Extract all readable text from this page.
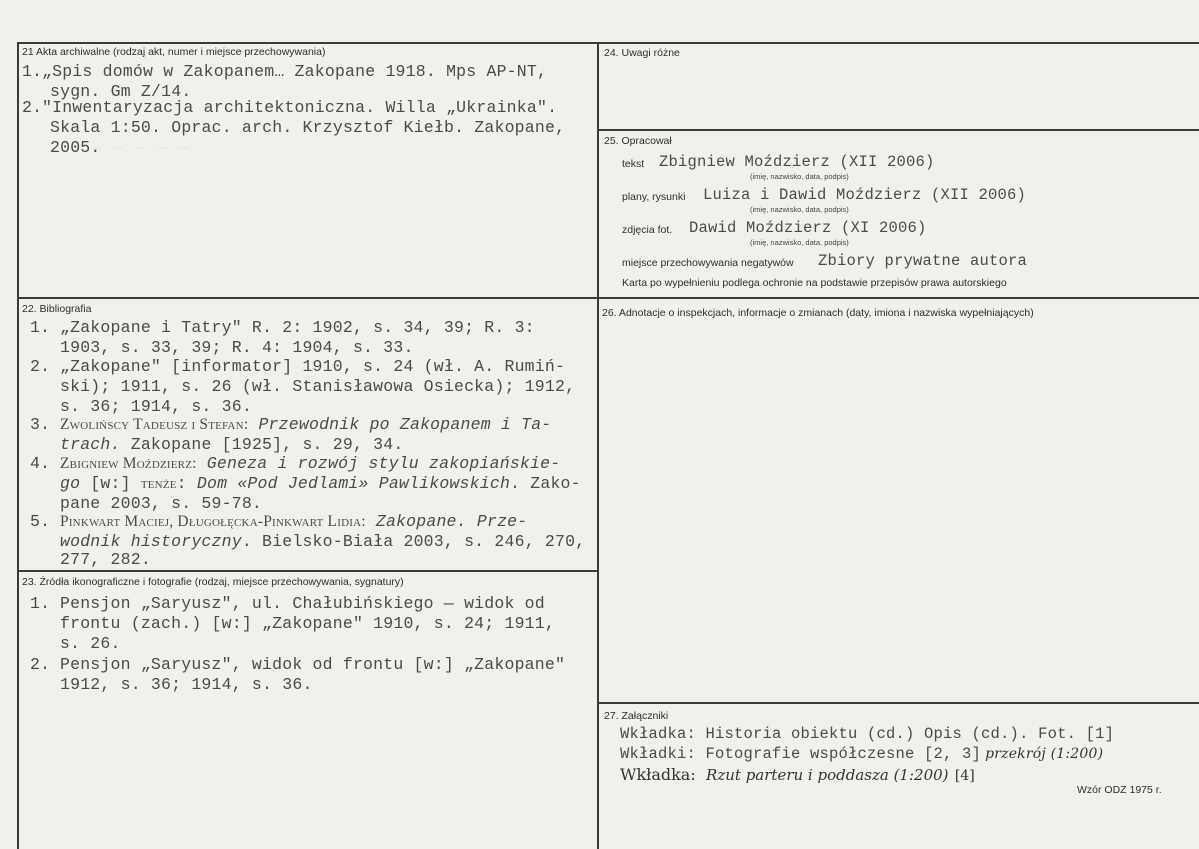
21 Akta archiwalne (rodzaj akt, numer i miejsce przechowywania)
1. „Spis domów w Zakopanem… Zakopane 1918. Mps AP-NT,
sygn. Gm Z/14.
2. "Inwentaryzacja architektoniczna. Willa „Ukrainka".
Skala 1:50. Oprac. arch. Krzysztof Kiełb. Zakopane,
2005.
24. Uwagi różne
25. Opracował
tekst Zbigniew Moździerz (XII 2006)
(imię, nazwisko, data, podpis)
plany, rysunki Luiza i Dawid Moździerz (XII 2006)
(imię, nazwisko, data, podpis)
zdjęcia fot. Dawid Moździerz (XI 2006)
(imię, nazwisko, data, podpis)
miejsce przechowywania negatywów Zbiory prywatne autora
Karta po wypełnieniu podlega ochronie na podstawie przepisów prawa autorskiego
22. Bibliografia
1. „Zakopane i Tatry" R. 2: 1902, s. 34, 39; R. 3:
1903, s. 33, 39; R. 4: 1904, s. 33.
2. „Zakopane" [informator] 1910, s. 24 (wł. A. Rumiń-
ski); 1911, s. 26 (wł. Stanisławowa Osiecka); 1912,
s. 36; 1914, s. 36.
3. Zwolińscy Tadeusz i Stefan: Przewodnik po Zakopanem i Ta-
trach. Zakopane [1925], s. 29, 34.
4. Zbigniew Moździerz: Geneza i rozwój stylu zakopiańskie-
go [w:] tenże: Dom «Pod Jedlami» Pawlikowskich. Zako-
pane 2003, s. 59-78.
5. Pinkwart Maciej, Długołęcka-Pinkwart Lidia: Zakopane. Prze-
wodnik historyczny. Bielsko-Biała 2003, s. 246, 270,
277, 282.
26. Adnotacje o inspekcjach, informacje o zmianach (daty, imiona i nazwiska wypełniających)
23. Źródła ikonograficzne i fotografie (rodzaj, miejsce przechowywania, sygnatury)
1. Pensjon „Saryusz", ul. Chałubińskiego — widok od
frontu (zach.) [w:] „Zakopane" 1910, s. 24; 1911,
s. 26.
2. Pensjon „Saryusz", widok od frontu [w:] „Zakopane"
1912, s. 36; 1914, s. 36.
27. Załączniki
Wkładka: Historia obiektu (cd.) Opis (cd.). Fot. [1]
Wkładki: Fotografie współczesne [2, 3] przekrój (1:200)
Wkładka: Rzut parteru i poddasza (1:200) [4]
Wzór ODZ 1975 r.
